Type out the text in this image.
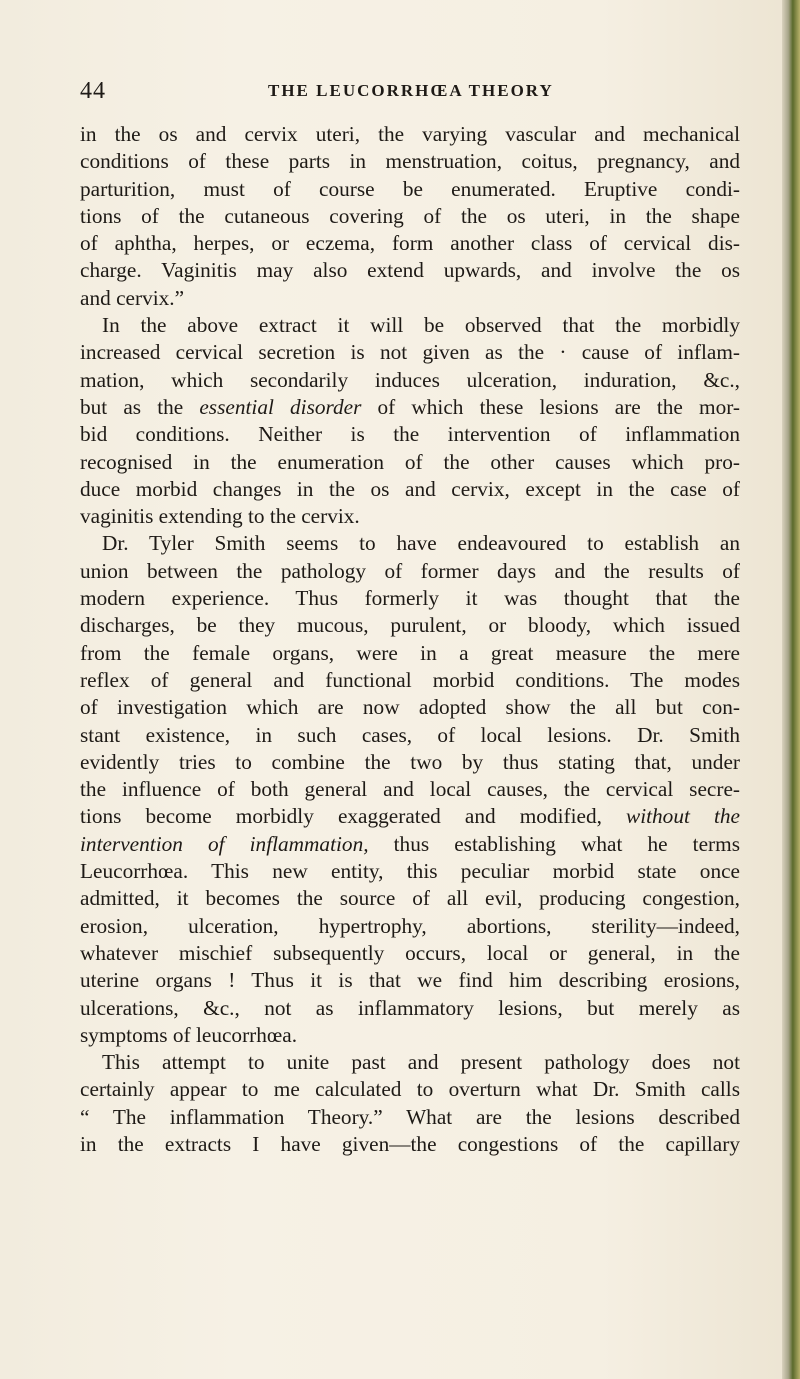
44	THE LEUCORRHŒA THEORY
in the os and cervix uteri, the varying vascular and mechanical
conditions of these parts in menstruation, coitus, pregnancy, and
parturition, must of course be enumerated. Eruptive condi-
tions of the cutaneous covering of the os uteri, in the shape
of aphtha, herpes, or eczema, form another class of cervical dis-
charge. Vaginitis may also extend upwards, and involve the os
and cervix.”
In the above extract it will be observed that the morbidly
increased cervical secretion is not given as the · cause of inflam-
mation, which secondarily induces ulceration, induration, &c.,
but as the essential disorder of which these lesions are the mor-
bid conditions. Neither is the intervention of inflammation
recognised in the enumeration of the other causes which pro-
duce morbid changes in the os and cervix, except in the case of
vaginitis extending to the cervix.
Dr. Tyler Smith seems to have endeavoured to establish an
union between the pathology of former days and the results of
modern experience. Thus formerly it was thought that the
discharges, be they mucous, purulent, or bloody, which issued
from the female organs, were in a great measure the mere
reflex of general and functional morbid conditions. The modes
of investigation which are now adopted show the all but con-
stant existence, in such cases, of local lesions. Dr. Smith
evidently tries to combine the two by thus stating that, under
the influence of both general and local causes, the cervical secre-
tions become morbidly exaggerated and modified, without the
intervention of inflammation, thus establishing what he terms
Leucorrhœa. This new entity, this peculiar morbid state once
admitted, it becomes the source of all evil, producing congestion,
erosion, ulceration, hypertrophy, abortions, sterility—indeed,
whatever mischief subsequently occurs, local or general, in the
uterine organs ! Thus it is that we find him describing erosions,
ulcerations, &c., not as inflammatory lesions, but merely as
symptoms of leucorrhœa.
This attempt to unite past and present pathology does not
certainly appear to me calculated to overturn what Dr. Smith calls
“ The inflammation Theory.” What are the lesions described
in the extracts I have given—the congestions of the capillary
